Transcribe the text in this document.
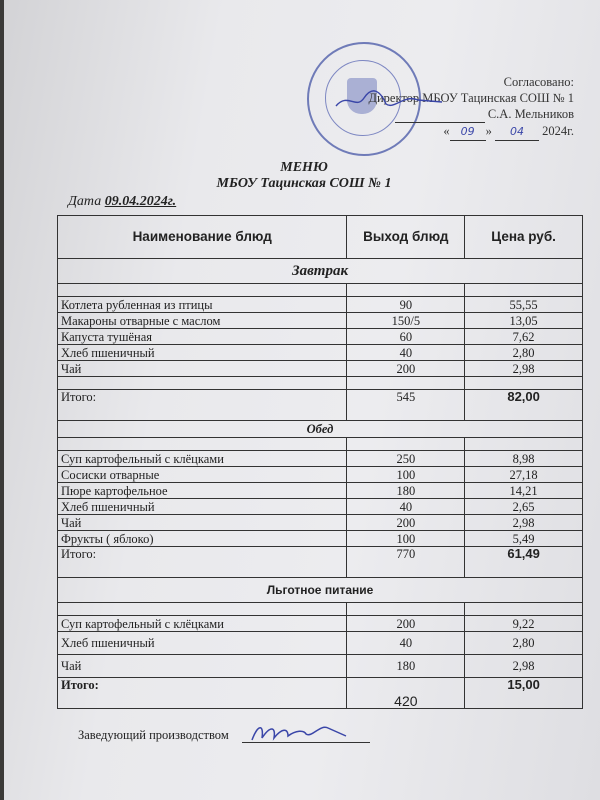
Согласовано:
Директор МБОУ Тацинская СОШ № 1
С.А. Мельников
« 09 » 04 2024г.
МЕНЮ
МБОУ Тацинская СОШ № 1
Дата 09.04.2024г.
Наименование блюд	Выход блюд	Цена руб.
Завтрак		

Котлета рубленная из птицы	90	55,55
Макароны отварные с маслом	150/5	13,05
Капуста тушёная	60	7,62
Хлеб пшеничный	40	2,80
Чай	200	2,98

Итого:	545	82,00
Обед		

Суп картофельный с клёцками	250	8,98
Сосиски отварные	100	27,18
Пюре картофельное	180	14,21
Хлеб пшеничный	40	2,65
Чай	200	2,98
Фрукты ( яблоко)	100	5,49
Итого:	770	61,49
Льготное питание		

Суп картофельный с клёцками	200	9,22
Хлеб пшеничный	40	2,80
Чай	180	2,98
Итого:	420	15,00
Заведующий производством
